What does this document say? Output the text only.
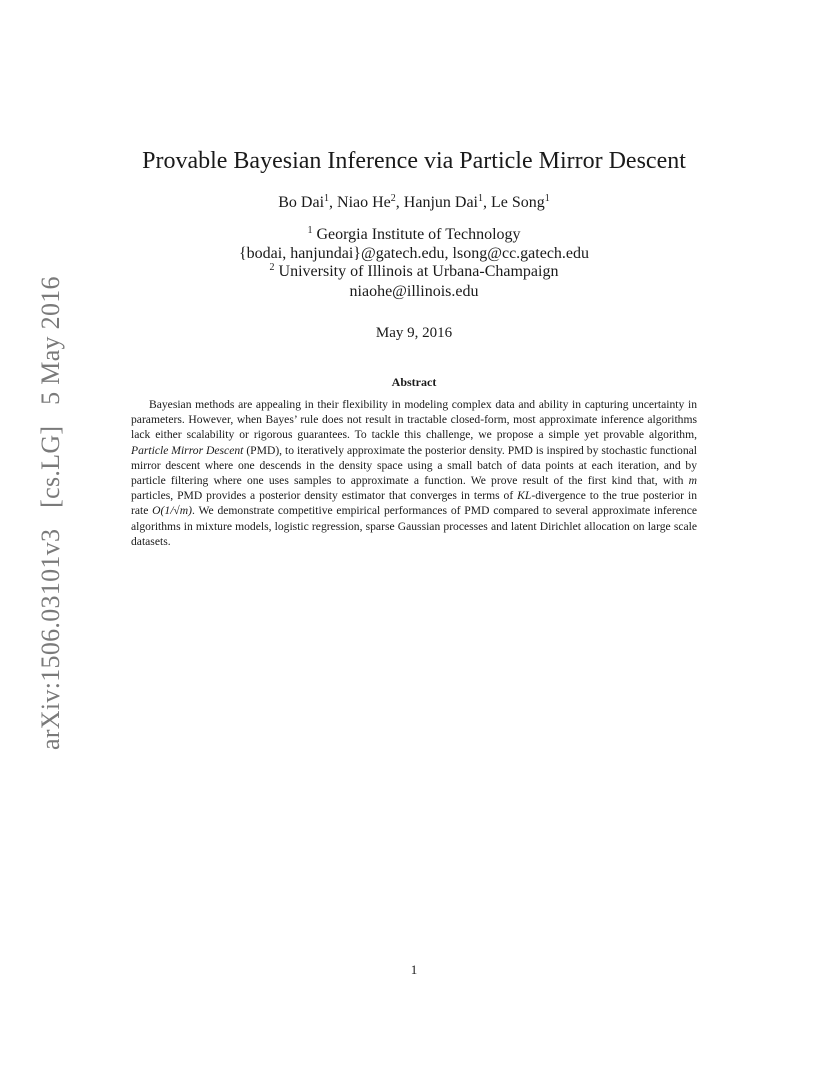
arXiv:1506.03101v3 [cs.LG] 5 May 2016
Provable Bayesian Inference via Particle Mirror Descent
Bo Dai$^1$, Niao He$^2$, Hanjun Dai$^1$, Le Song$^1$
$^1$ Georgia Institute of Technology
{bodai, hanjundai}@gatech.edu, lsong@cc.gatech.edu
$^2$ University of Illinois at Urbana-Champaign
niaohe@illinois.edu
May 9, 2016
Abstract

Bayesian methods are appealing in their flexibility in modeling complex data and ability in capturing uncertainty in parameters. However, when Bayes’ rule does not result in tractable closed-form, most approximate inference algorithms lack either scalability or rigorous guarantees. To tackle this challenge, we propose a simple yet provable algorithm, Particle Mirror Descent (PMD), to iteratively approximate the posterior density. PMD is inspired by stochastic functional mirror descent where one descends in the density space using a small batch of data points at each iteration, and by particle filtering where one uses samples to approximate a function. We prove result of the first kind that, with m particles, PMD provides a posterior density estimator that converges in terms of KL-divergence to the true posterior in rate O(1/√m). We demonstrate competitive empirical performances of PMD compared to several approximate inference algorithms in mixture models, logistic regression, sparse Gaussian processes and latent Dirichlet allocation on large scale datasets.

1
